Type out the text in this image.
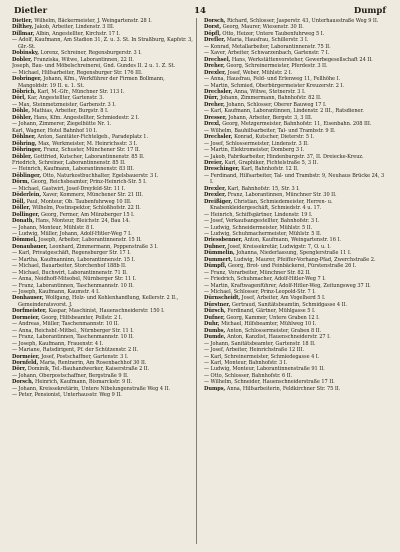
Dietler	14	Dumpf

Dietler, Wilhelm, Bäckermeister, J. Weingartenstr. 28 I.

Dilthey, Jakob, Arbeiter, Lindenstr. 3 III.

Dillmar, Albin, Angestellter, Kirchstr. 17 I.

— Adolf, Kaufmann, Am Stadion 31, Z. u. 3. St. In Straßburg, Kapfstr. 3, Glr.-St.

Dobinsky, Lorenz, Schreiner, Regensburgerstr. 3 I.

Dobler, Franziska, Witwe, Laborantinnen, 22 II.

Joseph, Bau- und Möbelschreinerei, Gnd. Gundes II. 2 u. 1. Z. St.

— Michael, Hilfsarbeiter, Regensburger Str. 176 III.

Dobringer, Johann, Kfm., Werkführer der Firmen Bollmann, Mangoldstr. 19 II. u. 1. St.

Döbrich, Karl, M.-Gfr., Münchner Str. 113 I.

Dörl, Kar, Angestellter, Gartenstr. 3.

— Max, Steinmetzmeister, Garbenstr. 3 I.

Döhle, Mathias, Arbeiter, Burgstr. 8 I.

Döhler, Hans, Kfm. Angestellter, Schmiedestr. 2 I.

— Johann, Zimmerer, Ziegelhütte Nr. 1.

Karl, Wagner, Hotel Bahnhof 10 I.

Döhlner, Anton, Sanitäter-Fichtelgeb., Paradeplatz 1.

Döhring, Max, Werkmeister, M. Heinrichsstr. 3 I.

Döhringer, Franz, Schuster, Münchener Str. 17 II.

Döbler, Gottfried, Kutscher, Laborantinnenstr. 85 II.

Friedrich, Schreiner, Laborantinnenstr. 85 II.

— Heinrich, Kaufmann, Laborantinnenstr. 83 III.

Döblinger, Otto, Naturkostbuchhalter, Egelsbauerstr. 3 I.

Dörm, Georg, Reichsbeamter, Prinz-Heinrich-Str. 5 I.

— Michael, Gastwirt, Josef-Dreyfeld-Str. 11 I.

Döderlein, Xaver, Kommerz, Münchener Str. 21 III.

Döll, Paul, Monteur, Ob. Taubenfuhrweg 10 III.

Döller, Wilhelm, Postinspektor, Schloßhofstr. 22 II.

Dollinger, Georg, Fermer, Am Münzberger 15 I.

Donath, Hans, Monteur, Bleichstr. 24, Bau 14.

— Johann, Monteur, Mühlstr. 8 I.

— Ludwig, Müller, Johann, Adolf-Hitler-Weg 7 I.

Dömmel, Joseph, Arbeiter, Laborantinnenstr. 15 II.

Donaubauer, Leonhard, Zimmermann, Poppenstraße 3 I.

— Karl, Privatgeschäft, Regensburger Str. 17 I.

— Martha, Kaufmanninn, Laborantinnenstr. 15 I.

— Michael, Bauarbeiter, Storchenhof 188b II.

— Michael, Buchwirt, Laborantinnenstr. 71 II.

— Anna, Neidhoff-Mitsobel, Nürnberger Str. 11 I.

— Franz, Laborantinnen, Taschenmannstr. 10 II.

— Joseph, Kaufmann, Kaumstr. 4 I.

Donhauser, Wolfgang, Holz- und Kohlenhandlung, Kellerstr. 2 II., Gemeinderatsvorst. J.

Dorfmeister, Kaspar, Maschinist, Hauenschneiderstr. 150 I.

Dormeier, Georg, Hilfsbeamter, Pollstr. 2 I.

— Andreas, Müller, Taschenmannstr. 10 II.

— Anna, Reichsbf.-Mitbel., Nürnberger Str. 11 I.

— Franz, Laborantinnen, Taschenmannstr. 10 II.

— Joseph, Kaufmann, Frauenstr. 4 I.

— Mariane, Ratsdirigent, Pf. der Schützenstr. 2 II.

Dormeier, Josef, Postschaffner, Gartenstr. 3 I.

Dornfeld, Maria, Rentnerin, Am Rosenbachhof 30 II.

Dörr, Dominik, Tel.-Bauhandwerker, Kaiserstraße 2 II.

— Johann, Oberpostschaffner, Bergstraße 9 II.

Dorsch, Heinrich, Kaufmann, Bismarckstr. 9 II.

— Johann, Kreissekretärin, Untere Nibelungenstraße Weg 4 II.

— Peter, Pensionist, Unterhausstr. Weg 9 II.

Dorsch, Richard, Schlosser, Jasperstr. 43, Unterhausstraße Weg 9 II.

Dorst, Georg, Maurer, Wiesenstr. 30 II.

Döpfl, Otto, Heizer, Untere Taubenfuhrweg 5 I.

Drefler, Maria, Hausfrau, Schillerstr. 3 I.

— Konrad, Metallarbeiter, Laborantinnenstr. 75 II.

— Xaver, Arbeiter, Schwarzenbach, Gartenstr. 7 I.

Drechsel, Hans, Werkstättenvorsteher, Gewerbegesellschaft 24 II.

Dreher, Georg, Schreinermeister, Pferdestr. 3 II.

Drexler, Josef, Weber, Mühlstr. 2 I.

— Anna, Hausfrau, Feld- und Erlenweg 11, Fellhöhe I.

— Martin, Schmied, Oberbürgermeister Kreuzerstr. 2 I.

Drechsler, Anna, Witwe, Stetnerstr. 3 I.

Dürr, Johann, Zimmermann, Bahnhofstr. 82 II.

Dreher, Johann, Schlosser, Oberer Bauweg 17 I.

— Karl, Kaufmann, Laborantinnen, Lindenstr. 2 III., Ratsdiener.

Dresser, Johann, Arbeiter, Bergstr. 3, 3 III.

Drexl, Georg, Metzgermeister, Bahnhofstr. 11, Eisenbahn. 208 III.

— Wilhelm, Bauhilfsarbeiter, Tal- und Trambstr. 9 II.

Drechsler, Konrad, Kutscher, Dieterstr. 5 I.

— Josef, Schlossermeister, Lindenstr. 3 II.

— Martin, Elektromeister, Domberg 3 I.

— Jakob, Fabrikarbeiter, Hindenburgstr. 37, II. Dreiecke-Kreuz.

Dreier, Karl, Graphiker, Fichtelstraße 5, 3 II.

Dreschinger, Karl, Bahnhofstr. 12 II.

— Ferdinand, Hilfsarbeiter, Tal- und Trambstr. 9, Neuhaus Brücke 24, 3 I.

Drexler, Karl, Bahnhofstr. 15, Str. 3 I.

Drexler, Franz, Laborantinnen, Münchner Str. 30 II.

Dreißiger, Christian, Schmiedemeister, Herren- u. Knabenkleidergeschäft, Schmiedstr. 4 u. 17.

— Heinrich, Schiffsgärtner, Lindenstr. 19 I.

— Josef, Verkaufsangestellter, Bahnhofstr. 3 I.

— Ludwig, Schneidermeister, Mühlstr. 5 II.

— Ludwig, Schuhmachermeister, Mühlstr. 5 II.

Driessbenner, Anton, Kaufmann, Weingartenstr. 16 I.

Dubner, Josef, Kreissekretär, Ludwigstr. 7, O. u. I.

Dümmelin, Johanna, Niederlassung, Spenglerstraße 11 I.

Dummert, Ludwig, Maurer, Pfeiffer-Vorhang-Pfad, Zwerchstraße 2.

Dümpfl, Georg, Brot- und Feinbäckerei, Fürstenstraße 26 I.

— Franz, Vorarbeiter, Münchner Str. 82 II.

— Friedrich, Schuhmacher, Adolf-Hitler-Weg 7 I.

— Martin, Kraftwagenführer, Adolf-Hitler-Weg, Zeitungsweg 37 II.

— Michael, Schlosser, Prinz-Leopold-Str. 7 I.

Dürnscheidt, Josef, Arbeiter, Am Vogelherd 5 I.

Dürstner, Gertraud, Sanitätsbeamtin, Schmidgasse 4 II.

Dürsch, Ferdinand, Gärtner, Mühlgasse 5 I.

Dufner, Georg, Kammer, Untere Graben 12 I.

Duhr, Michael, Hilfsbeamter, Mühlweg 10 I.

Dumbs, Anton, Schlossermeister, Graben 8 II.

Dumde, Anton, Kanzlist, Hauenschneiderstr. 27 I.

— Johann, Sanitätsbeamter, Gartenstr. 18 II.

— Josef, Arbeiter, Heinrichstraße 12 III.

— Karl, Schreinermeister, Schmiedegasse 4 I.

— Karl, Monteur, Bahnhofstr. 3 I.

— Ludwig, Monteur, Laborantinnenstraße 91 II.

— Otto, Schlosser, Bahnhofstr. 6 II.

— Wilhelm, Schneider, Hauenschneiderstraße 17 II.

Dumps, Anna, Hilfsarbeiterin, Feldkirchner Str. 75 II.
